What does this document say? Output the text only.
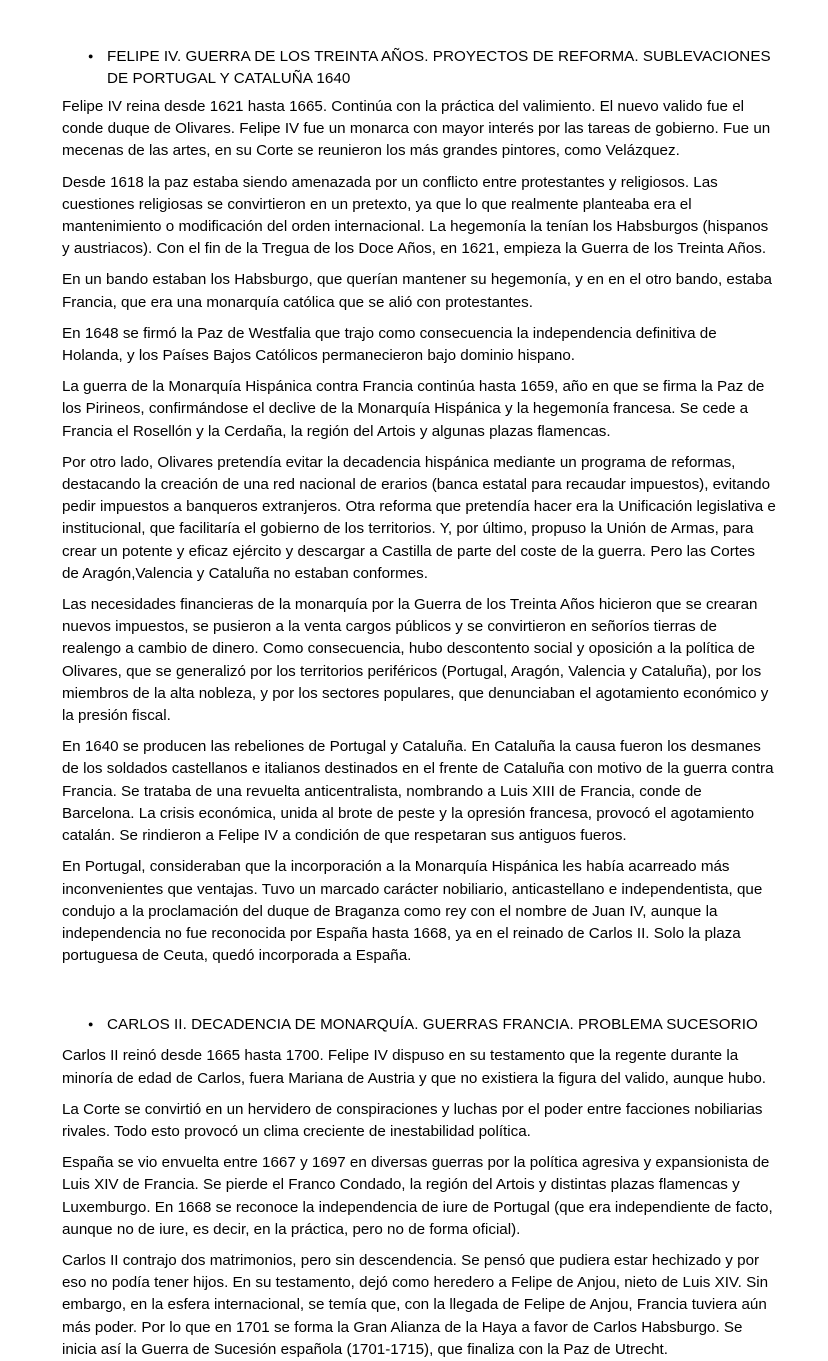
●
FELIPE IV. GUERRA DE LOS TREINTA AÑOS. PROYECTOS DE REFORMA. SUBLEVACIONES DE PORTUGAL Y CATALUÑA 1640

Felipe IV reina desde 1621 hasta 1665. Continúa con la práctica del valimiento. El nuevo valido fue el conde duque de Olivares. Felipe IV fue un monarca con mayor interés por las tareas de gobierno. Fue un mecenas de las artes, en su Corte se reunieron los más grandes pintores, como Velázquez.

Desde 1618 la paz estaba siendo amenazada por un conflicto entre protestantes y religiosos. Las cuestiones religiosas se convirtieron en un pretexto, ya que lo que realmente planteaba era el mantenimiento o modificación del orden internacional. La hegemonía la tenían los Habsburgos (hispanos y austriacos). Con el fin de la Tregua de los Doce Años, en 1621, empieza la Guerra de los Treinta Años.

En un bando estaban los Habsburgo, que querían mantener su hegemonía, y en en el otro bando, estaba Francia, que era una monarquía católica que se alió con protestantes.

En 1648 se firmó la Paz de Westfalia que trajo como consecuencia la independencia definitiva de Holanda, y los Países Bajos Católicos permanecieron bajo dominio hispano.

La guerra de la Monarquía Hispánica contra Francia continúa hasta 1659, año en que se firma la Paz de los Pirineos, confirmándose el declive de la Monarquía Hispánica y la hegemonía francesa. Se cede a Francia el Rosellón y la Cerdaña, la región del Artois y algunas plazas flamencas.

Por otro lado, Olivares pretendía evitar la decadencia hispánica mediante un programa de reformas, destacando la creación de una red nacional de erarios (banca estatal para recaudar impuestos), evitando pedir impuestos a banqueros extranjeros. Otra reforma que pretendía hacer era la Unificación legislativa e institucional, que facilitaría el gobierno de los territorios. Y, por último, propuso la Unión de Armas, para crear un potente y eficaz ejército y descargar a Castilla de parte del coste de la guerra. Pero las Cortes de Aragón,Valencia y Cataluña no estaban conformes.

Las necesidades financieras de la monarquía por la Guerra de los Treinta Años hicieron que se crearan nuevos impuestos, se pusieron a la venta cargos públicos y se convirtieron en señoríos tierras de realengo a cambio de dinero. Como consecuencia, hubo descontento social y oposición a la política de Olivares, que se generalizó por los territorios periféricos (Portugal, Aragón, Valencia y Cataluña), por los miembros de la alta nobleza, y por los sectores populares, que denunciaban el agotamiento económico y la presión fiscal.

En 1640 se producen las rebeliones de Portugal y Cataluña. En Cataluña la causa fueron los desmanes de los soldados castellanos e italianos destinados en el frente de Cataluña con motivo de la guerra contra Francia. Se trataba de una revuelta anticentralista, nombrando a Luis XIII de Francia, conde de Barcelona. La crisis económica, unida al brote de peste y la opresión francesa, provocó el agotamiento catalán. Se rindieron a Felipe IV a condición de que respetaran sus antiguos fueros.

En Portugal, consideraban que la incorporación a la Monarquía Hispánica les había acarreado más inconvenientes que ventajas. Tuvo un marcado carácter nobiliario, anticastellano e independentista, que condujo a la proclamación del duque de Braganza como rey con el nombre de Juan IV, aunque la independencia no fue reconocida por España hasta 1668, ya en el reinado de Carlos II. Solo la plaza portuguesa de Ceuta, quedó incorporada a España.

●
CARLOS II. DECADENCIA DE MONARQUÍA. GUERRAS FRANCIA. PROBLEMA SUCESORIO

Carlos II reinó desde 1665 hasta 1700. Felipe IV dispuso en su testamento que la regente durante la minoría de edad de Carlos, fuera Mariana de Austria y que no existiera la figura del valido, aunque hubo.

La Corte se convirtió en un hervidero de conspiraciones y luchas por el poder entre facciones nobiliarias rivales. Todo esto provocó un clima creciente de inestabilidad política.

España se vio envuelta entre 1667 y 1697 en diversas guerras por la política agresiva y expansionista de Luis XIV de Francia. Se pierde el Franco Condado, la región del Artois y distintas plazas flamencas y Luxemburgo. En 1668 se reconoce la independencia de iure de Portugal (que era independiente de facto, aunque no de iure, es decir, en la práctica, pero no de forma oficial).

Carlos II contrajo dos matrimonios, pero sin descendencia. Se pensó que pudiera estar hechizado y por eso no podía tener hijos. En su testamento, dejó como heredero a Felipe de Anjou, nieto de Luis XIV. Sin embargo, en la esfera internacional, se temía que, con la llegada de Felipe de Anjou, Francia tuviera aún más poder. Por lo que en 1701 se forma la Gran Alianza de la Haya a favor de Carlos Habsburgo. Se inicia así la Guerra de Sucesión española (1701-1715), que finaliza con la Paz de Utrecht.
